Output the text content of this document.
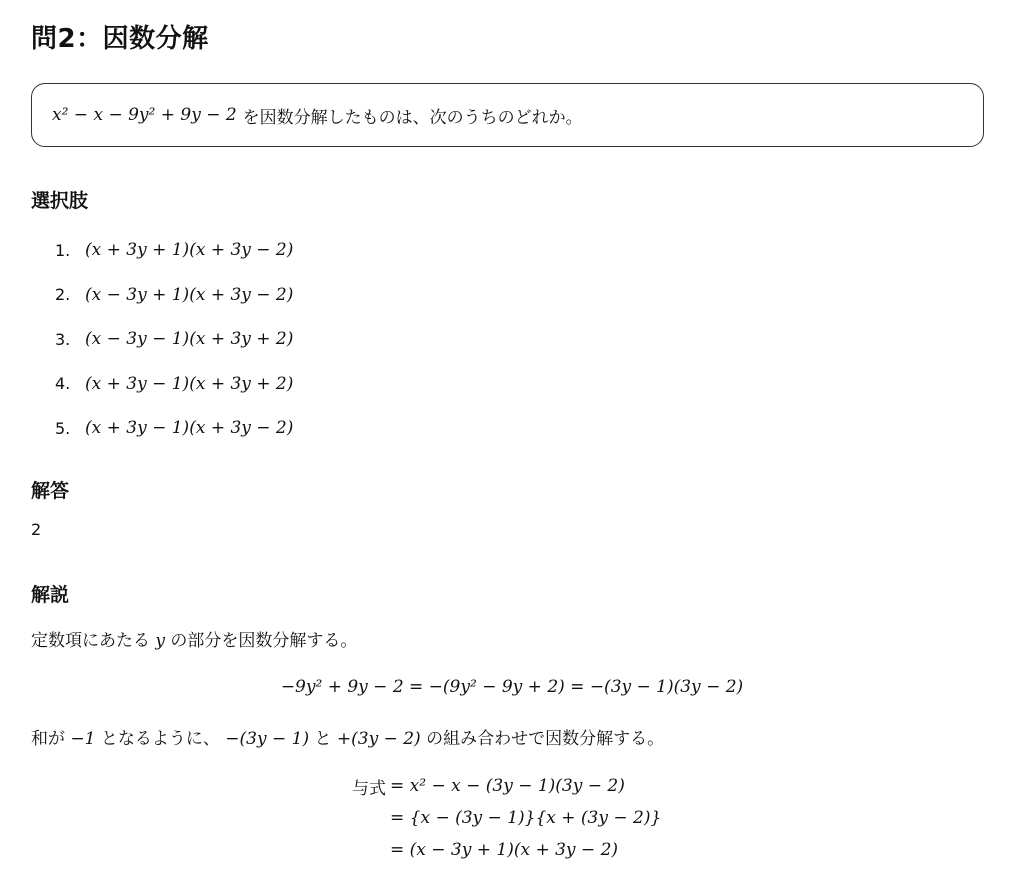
問2：因数分解
x² − x − 9y² + 9y − 2 を因数分解したものは、次のうちのどれか。
選択肢
1. (x + 3y + 1)(x + 3y − 2)
2. (x − 3y + 1)(x + 3y − 2)
3. (x − 3y − 1)(x + 3y + 2)
4. (x + 3y − 1)(x + 3y + 2)
5. (x + 3y − 1)(x + 3y − 2)
解答
2
解説
定数項にあたる y の部分を因数分解する。
−9y² + 9y − 2 = −(9y² − 9y + 2) = −(3y − 1)(3y − 2)
和が −1 となるように、 −(3y − 1) と +(3y − 2) の組み合わせで因数分解する。
与式 = x² − x − (3y − 1)(3y − 2)
= {x − (3y − 1)}{x + (3y − 2)}
= (x − 3y + 1)(x + 3y − 2)
